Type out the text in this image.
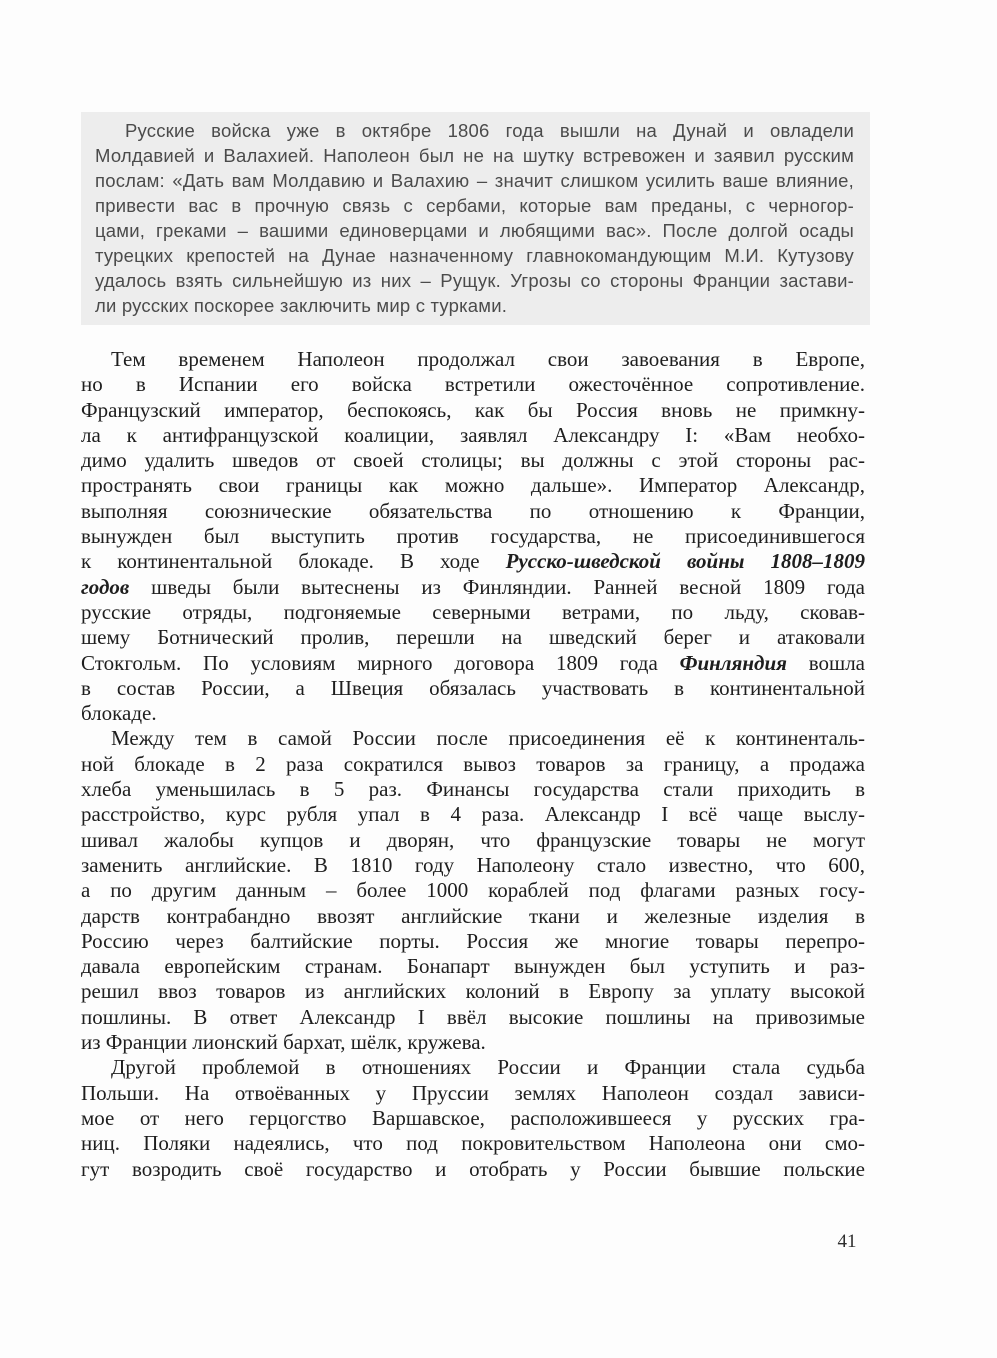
Русские войска уже в октябре 1806 года вышли на Дунай и овладели
Молдавией и Валахией. Наполеон был не на шутку встревожен и заявил русским
послам: «Дать вам Молдавию и Валахию – значит слишком усилить ваше влияние,
привести вас в прочную связь с сербами, которые вам преданы, с черногор-
цами, греками – вашими единоверцами и любящими вас». После долгой осады
турецких крепостей на Дунае назначенному главнокомандующим М.И. Кутузову
удалось взять сильнейшую из них – Рущук. Угрозы со стороны Франции застави-
ли русских поскорее заключить мир с турками.
Тем временем Наполеон продолжал свои завоевания в Европе,
но в Испании его войска встретили ожесточённое сопротивление.
Французский император, беспокоясь, как бы Россия вновь не примкну-
ла к антифранцузской коалиции, заявлял Александру I: «Вам необхо-
димо удалить шведов от своей столицы; вы должны с этой стороны рас-
пространять свои границы как можно дальше». Император Александр,
выполняя союзнические обязательства по отношению к Франции,
вынужден был выступить против государства, не присоединившегося
к континентальной блокаде. В ходе Русско-шведской войны 1808–1809
годов шведы были вытеснены из Финляндии. Ранней весной 1809 года
русские отряды, подгоняемые северными ветрами, по льду, сковав-
шему Ботнический пролив, перешли на шведский берег и атаковали
Стокгольм. По условиям мирного договора 1809 года Финляндия вошла
в состав России, а Швеция обязалась участвовать в континентальной
блокаде.
Между тем в самой России после присоединения её к континенталь-
ной блокаде в 2 раза сократился вывоз товаров за границу, а продажа
хлеба уменьшилась в 5 раз. Финансы государства стали приходить в
расстройство, курс рубля упал в 4 раза. Александр I всё чаще выслу-
шивал жалобы купцов и дворян, что французские товары не могут
заменить английские. В 1810 году Наполеону стало известно, что 600,
а по другим данным – более 1000 кораблей под флагами разных госу-
дарств контрабандно ввозят английские ткани и железные изделия в
Россию через балтийские порты. Россия же многие товары перепро-
давала европейским странам. Бонапарт вынужден был уступить и раз-
решил ввоз товаров из английских колоний в Европу за уплату высокой
пошлины. В ответ Александр I ввёл высокие пошлины на привозимые
из Франции лионский бархат, шёлк, кружева.
Другой проблемой в отношениях России и Франции стала судьба
Польши. На отвоёванных у Пруссии землях Наполеон создал зависи-
мое от него герцогство Варшавское, расположившееся у русских гра-
ниц. Поляки надеялись, что под покровительством Наполеона они смо-
гут возродить своё государство и отобрать у России бывшие польские
41
